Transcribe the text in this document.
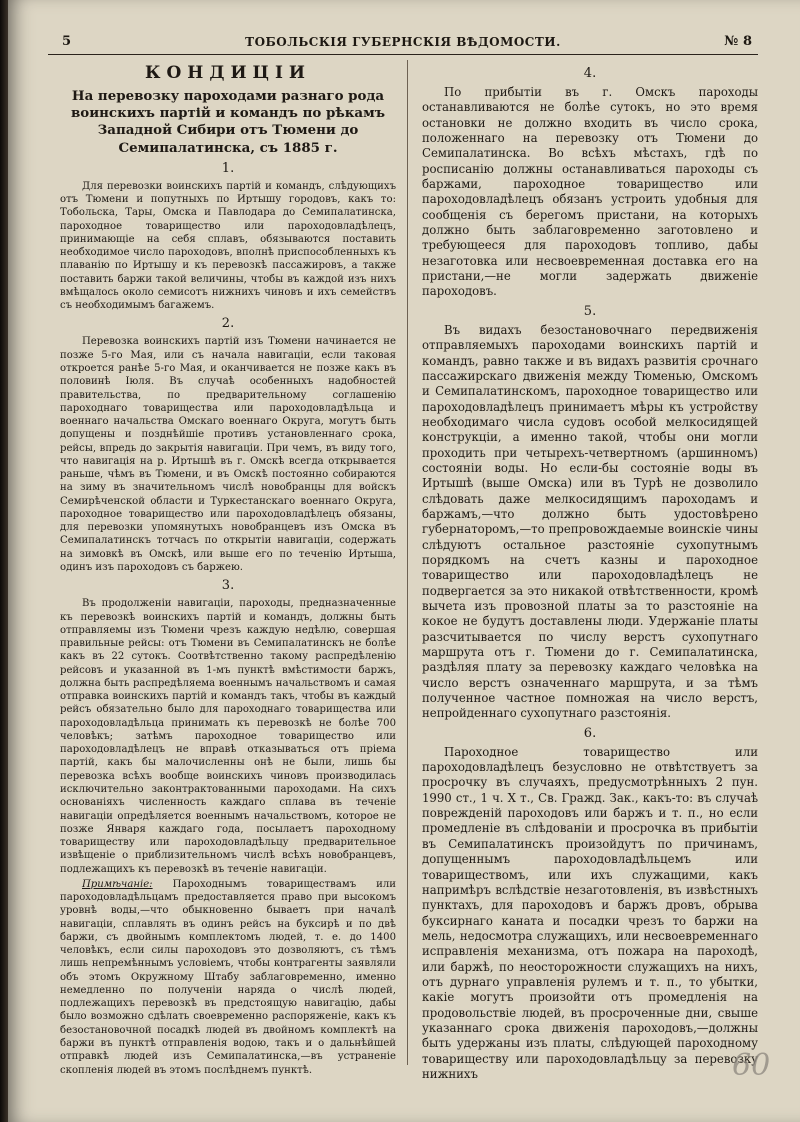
5	ТОБОЛЬСКІЯ ГУБЕРНСКІЯ ВѢДОМОСТИ.	№ 8
КОНДИЦІИ
На перевозку пароходами разнаго рода воинскихъ партій и командъ по рѣкамъ Западной Сибири отъ Тюмени до Семипалатинска, съ 1885 г.
1.

Для перевозки воинскихъ партій и командъ, слѣдующихъ отъ Тюмени и попутныхъ по Иртышу городовъ, какъ то: Тобольска, Тары, Омска и Павлодара до Семипалатинска, пароходное товарищество или пароходовладѣлецъ, принимающіе на себя сплавъ, обязываются поставить необходимое число пароходовъ, вполнѣ приспособленныхъ къ плаванію по Иртышу и къ перевозкѣ пассажировъ, а также поставить баржи такой величины, чтобы въ каждой изъ нихъ вмѣщалось около семисотъ нижнихъ чиновъ и ихъ семействъ съ необходимымъ багажемъ.

2.

Перевозка воинскихъ партій изъ Тюмени начинается не позже 5-го Мая, или съ начала навигаціи, если таковая откроется ранѣе 5-го Мая, и оканчивается не позже какъ въ половинѣ Іюля. Въ случаѣ особенныхъ надобностей правительства, по предварительному соглашенію пароходнаго товарищества или пароходовладѣльца и военнаго начальства Омскаго военнаго Округа, могутъ быть допущены и позднѣйшіе противъ установленнаго срока, рейсы, впредь до закрытія навигаціи. При чемъ, въ виду того, что навигація на р. Иртышѣ въ г. Омскѣ всегда открывается раньше, чѣмъ въ Тюмени, и въ Омскѣ постоянно собираются на зиму въ значительномъ числѣ новобранцы для войскъ Семирѣченской области и Туркестанскаго военнаго Округа, пароходное товарищество или пароходовладѣлецъ обязаны, для перевозки упомянутыхъ новобранцевъ изъ Омска въ Семипалатинскъ тотчасъ по открытіи навигаціи, содержать на зимовкѣ въ Омскѣ, или выше его по теченію Иртыша, одинъ изъ пароходовъ съ баржею.

3.

Въ продолженіи навигаціи, пароходы, предназначенные къ перевозкѣ воинскихъ партій и командъ, должны быть отправляемы изъ Тюмени чрезъ каждую недѣлю, совершая правильные рейсы: отъ Тюмени въ Семипалатинскъ не болѣе какъ въ 22 сутокъ. Соотвѣтственно такому распредѣленію рейсовъ и указанной въ 1-мъ пунктѣ вмѣстимости баржъ, должна быть распредѣляема военнымъ начальствомъ и самая отправка воинскихъ партій и командъ такъ, чтобы въ каждый рейсъ обязательно было для пароходнаго товарищества или пароходовладѣльца принимать къ перевозкѣ не болѣе 700 человѣкъ; затѣмъ пароходное товарищество или пароходовладѣлецъ не вправѣ отказываться отъ пріема партій, какъ бы малочисленны онѣ не были, лишь бы перевозка всѣхъ вообще воинскихъ чиновъ производилась исключительно законтрактованными пароходами. На сихъ основаніяхъ численность каждаго сплава въ теченіе навигаціи опредѣляется военнымъ начальствомъ, которое не позже Января каждаго года, посылаетъ пароходному товариществу или пароходовладѣльцу предварительное извѣщеніе о приблизительномъ числѣ всѣхъ новобранцевъ, подлежащихъ къ перевозкѣ въ теченіе навигаціи.

Примѣчаніе: Пароходнымъ товариществамъ или пароходовладѣльцамъ предоставляется право при высокомъ уровнѣ воды,—что обыкновенно бываетъ при началѣ навигаціи, сплавлять въ одинъ рейсъ на буксирѣ и по двѣ баржи, съ двойнымъ комплектомъ людей, т. е. до 1400 человѣкъ, если силы пароходовъ это дозволяютъ, съ тѣмъ лишь непремѣннымъ условіемъ, чтобы контрагенты заявляли объ этомъ Окружному Штабу заблаговременно, именно немедленно по полученіи наряда о числѣ людей, подлежащихъ перевозкѣ въ предстоящую навигацію, дабы было возможно сдѣлать своевременно распоряженіе, какъ къ безостановочной посадкѣ людей въ двойномъ комплектѣ на баржи въ пунктѣ отправленія водою, такъ и о дальнѣйшей отправкѣ людей изъ Семипалатинска,—въ устраненіе скопленія людей въ этомъ послѣднемъ пунктѣ.

4.

По прибытіи въ г. Омскъ пароходы останавливаются не болѣе сутокъ, но это время остановки не должно входить въ число срока, положеннаго на перевозку отъ Тюмени до Семипалатинска. Во всѣхъ мѣстахъ, гдѣ по росписанію должны останавливаться пароходы съ баржами, пароходное товарищество или пароходовладѣлецъ обязанъ устроить удобныя для сообщенія съ берегомъ пристани, на которыхъ должно быть заблаговременно заготовлено и требующееся для пароходовъ топливо, дабы незаготовка или несвоевременная доставка его на пристани,—не могли задержать движеніе пароходовъ.

5.

Въ видахъ безостановочнаго передвиженія отправляемыхъ пароходами воинскихъ партій и командъ, равно также и въ видахъ развитія срочнаго пассажирскаго движенія между Тюменью, Омскомъ и Семипалатинскомъ, пароходное товарищество или пароходовладѣлецъ принимаетъ мѣры къ устройству необходимаго числа судовъ особой мелкосидящей конструкціи, а именно такой, чтобы они могли проходить при четырехъ-четвертномъ (аршинномъ) состояніи воды. Но если-бы состояніе воды въ Иртышѣ (выше Омска) или въ Турѣ не дозволило слѣдовать даже мелкосидящимъ пароходамъ и баржамъ,—что должно быть удостовѣрено губернаторомъ,—то препровождаемые воинскіе чины слѣдуютъ остальное разстояніе сухопутнымъ порядкомъ на счетъ казны и пароходное товарищество или пароходовладѣлецъ не подвергается за это никакой отвѣтственности, кромѣ вычета изъ провозной платы за то разстояніе на кокое не будутъ доставлены люди. Удержаніе платы разсчитывается по числу верстъ сухопутнаго маршрута отъ г. Тюмени до г. Семипалатинска, раздѣляя плату за перевозку каждаго человѣка на число верстъ означеннаго маршрута, и за тѣмъ полученное частное помножая на число верстъ, непройденнаго сухопутнаго разстоянія.

6.

Пароходное товарищество или пароходовладѣлецъ безусловно не отвѣтствуетъ за просрочку въ случаяхъ, предусмотрѣнныхъ 2 пун. 1990 ст., 1 ч. X т., Св. Гражд. Зак., какъ-то: въ случаѣ поврежденій пароходовъ или баржъ и т. п., но если промедленіе въ слѣдованіи и просрочка въ прибытіи въ Семипалатинскъ произойдутъ по причинамъ, допущеннымъ пароходовладѣльцемъ или товариществомъ, или ихъ служащими, какъ напримѣръ вслѣдствіе незаготовленія, въ извѣстныхъ пунктахъ, для пароходовъ и баржъ дровъ, обрыва буксирнаго каната и посадки чрезъ то баржи на мель, недосмотра служащихъ, или несвоевременнаго исправленія механизма, отъ пожара на пароходѣ, или баржѣ, по неосторожности служащихъ на нихъ, отъ дурнаго управленія рулемъ и т. п., то убытки, какіе могутъ произойти отъ промедленія на продовольствіе людей, въ просроченные дни, свыше указаннаго срока движенія пароходовъ,—должны быть удержаны изъ платы, слѣдующей пароходному товариществу или пароходовладѣльцу за перевозку нижнихъ	60
